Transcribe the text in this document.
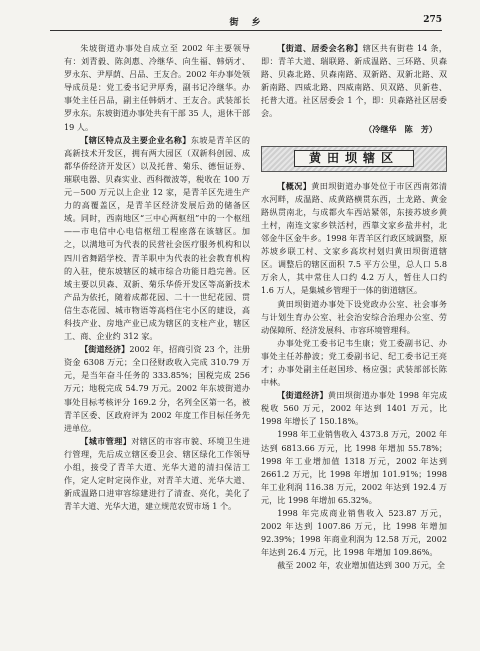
街　乡	275

朱坡街道办事处自成立至 2002 年主要领导有：刘青毅、陈剑惠、冷继华、向生福、韩炳才、罗永东、尹厚荫、吕品、王友合。2002 年办事处领导成员是：党工委书记尹厚秀，副书记冷继华。办事处主任吕品，副主任韩炳才、王友合。武装部长罗永东。东坡街道办事处共有干部 35 人，退休干部 19 人。

【辖区特点及主要企业名称】东坡是青羊区的高新技术开发区，拥有两大园区（双新科创园、成都华侨经济开发区）以及托普、菊乐、德恒证券、璀联电器、贝森实业、西科微波等，税收在 100 万元－500 万元以上企业 12 家，是青羊区先进生产力的高覆盖区，是青羊区经济发展后劲的储备区域。同时，西南地区“三中心两枢纽”中的一个枢纽——市电信中心电信枢纽工程座落在该辖区。加之，以满地可为代表的民营社会医疗服务机构和以四川省舞蹈学校、青羊职中为代表的社会教育机构的入驻，使东坡辖区的城市综合功能日趋完善。区域主要以贝森、双新、菊乐华侨开发区等高新技术产品为依托，随着成都花园、二十一世纪花园、贯信生态花园、城市物语等高档住宅小区的建设，高科技产业、房地产业已成为辖区的支柱产业，辖区工、商、企业约 312 家。

【街道经济】2002 年，招商引资 23 个，注册资金 6308 万元；全口径财政收入完成 310.79 万元，是当年奋斗任务的 333.85%；国税完成 256 万元；地税完成 54.79 万元。2002 年东坡街道办事处目标考核评分 169.2 分，名列全区第一名，被青羊区委、区政府评为 2002 年度工作目标任务先进单位。

【城市管理】对辖区的市容市貌、环境卫生进行管理，先后成立辖区委卫会、辖区绿化工作领导小组，接受了青羊大道、光华大道的清扫保洁工作，定人定时定岗作业，对青羊大道、光华大道、新成温路口进审容综建进行了清查、亮化，美化了青羊大道、光华大道，建立规范农贸市场 1 个。

【街道、居委会名称】辖区共有街巷 14 条，即：青羊大道、瑞联路、新成温路、三环路、贝森路、贝森北路、贝森南路、双新路、双新北路、双新南路、四威北路、四威南路、贝双路、贝新巷、托普大道。社区居委会 1 个，即：贝森路社区居委会。

（冷继华　陈　芳）
黄田坝辖区

【概况】黄田坝街道办事处位于市区西南郊清水河畔，成温路、成黄路横贯东西，土龙路、黄金路纵贯南北，与成都火车西站紧邻，东接苏坡乡黄土村，南连文家乡铁活村，西靠文家乡盐井村，北邻金牛区金牛乡。1998 年青羊区行政区域调整，原苏坡乡联工村、文家乡高坎村划归黄田坝街道辖区。调整后的辖区面积 7.5 平方公里，总人口 5.8 万余人，其中常住人口约 4.2 万人，暂住人口约 1.6 万人，是集城乡管理于一体的街道辖区。

黄田坝街道办事处下设党政办公室、社会事务与计划生育办公室、社会治安综合治理办公室、劳动保障所、经济发展科、市容环境管理科。

办事处党工委书记韦生康；党工委副书记、办事处主任苏静波；党工委副书记、纪工委书记王亮才；办事处副主任赵国珍、杨应强；武装部部长陈中林。

【街道经济】黄田坝街道办事处 1998 年完成税收 560 万元，2002 年达到 1401 万元，比 1998 年增长了 150.18%。

1998 年工业销售收入 4373.8 万元，2002 年达到 6813.66 万元，比 1998 年增加 55.78%；1998 年工业增加值 1318 万元，2002 年达到 2661.2 万元，比 1998 年增加 101.91%；1998 年工业利润 116.38 万元，2002 年达到 192.4 万元，比 1998 年增加 65.32%。

1998 年完成商业销售收入 523.87 万元，2002 年达到 1007.86 万元，比 1998 年增加 92.39%；1998 年商业利润为 12.58 万元，2002 年达到 26.4 万元，比 1998 年增加 109.86%。

截至 2002 年，农业增加值达到 300 万元，全
